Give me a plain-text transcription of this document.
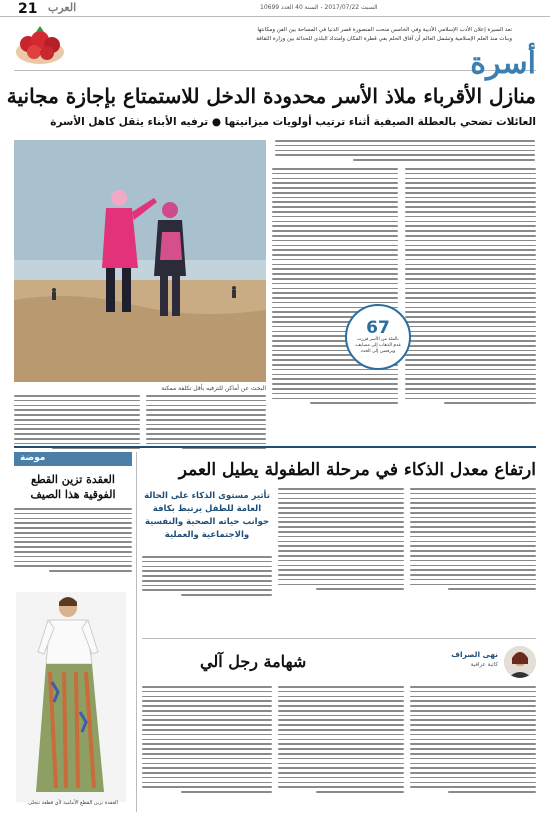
21 العرب	السبت 2017/07/22 - السنة 40 العدد 10699
تعد السيرة إعلان الأدب الإسلامي الأديبة وفي الخامس منحت المنصورة قصر الدنيا في المساحة بين الفن ومكانتها
وبنات منذ العلم الإسلامية وتشمل العالم أن آفاق الحلم بفي قطرة المكان وامتداد البلدي للحداثة بين وزارة الثقافة
أسرة
منازل الأقرباء ملاذ الأسر محدودة الدخل للاستمتاع بإجازة مجانية
العائلات تضحي بالعطلة الصيفية أثناء ترتيب أولويات ميزانيتها ● ترفيه الأبناء يثقل كاهل الأسرة
البحث عن أماكن للترفيه بأقل تكلفة ممكنة
67
بالمئة من الأسر قررت عدم الذهاب إلى مصايف، ويرفضن إلى الجدد
موضة
العقدة تزين القطع الفوقية هذا الصيف
العقدة تزين القطع الأمامية لأي قطعة تتجلى
ارتفاع معدل الذكاء في مرحلة الطفولة يطيل العمر
تأثير مستوى الذكاء على الحالة العامة للطفل يرتبط بكافة جوانب حياته الصحية والنفسية والاجتماعية والعملية
شهامة رجل آلي	نهى الصراف
كاتبة عراقية
